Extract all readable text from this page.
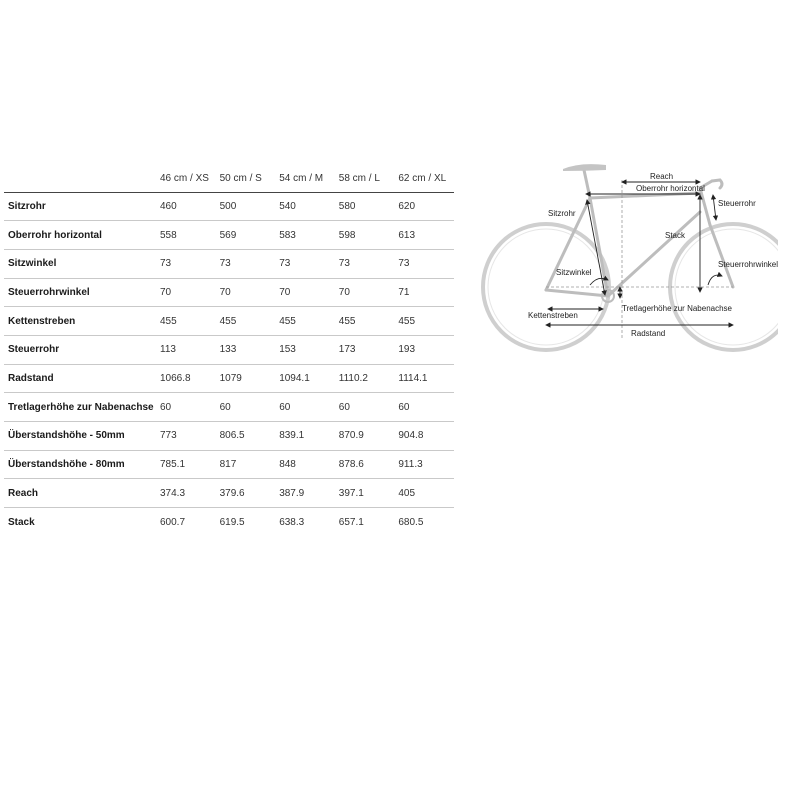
	46 cm / XS	50 cm / S	54 cm / M	58 cm / L	62 cm / XL
Sitzrohr	460	500	540	580	620
Oberrohr horizontal	558	569	583	598	613
Sitzwinkel	73	73	73	73	73
Steuerrohrwinkel	70	70	70	70	71
Kettenstreben	455	455	455	455	455
Steuerrohr	113	133	153	173	193
Radstand	1066.8	1079	1094.1	1110.2	1114.1
Tretlagerhöhe zur Nabenachse	60	60	60	60	60
Überstandshöhe - 50mm	773	806.5	839.1	870.9	904.8
Überstandshöhe - 80mm	785.1	817	848	878.6	911.3
Reach	374.3	379.6	387.9	397.1	405
Stack	600.7	619.5	638.3	657.1	680.5
Reach
Oberrohr horizontal
Steuerrohr
Sitzrohr
Stack
Sitzwinkel
Steuerrohrwinkel
Tretlagerhöhe zur Nabenachse
Kettenstreben
Radstand
